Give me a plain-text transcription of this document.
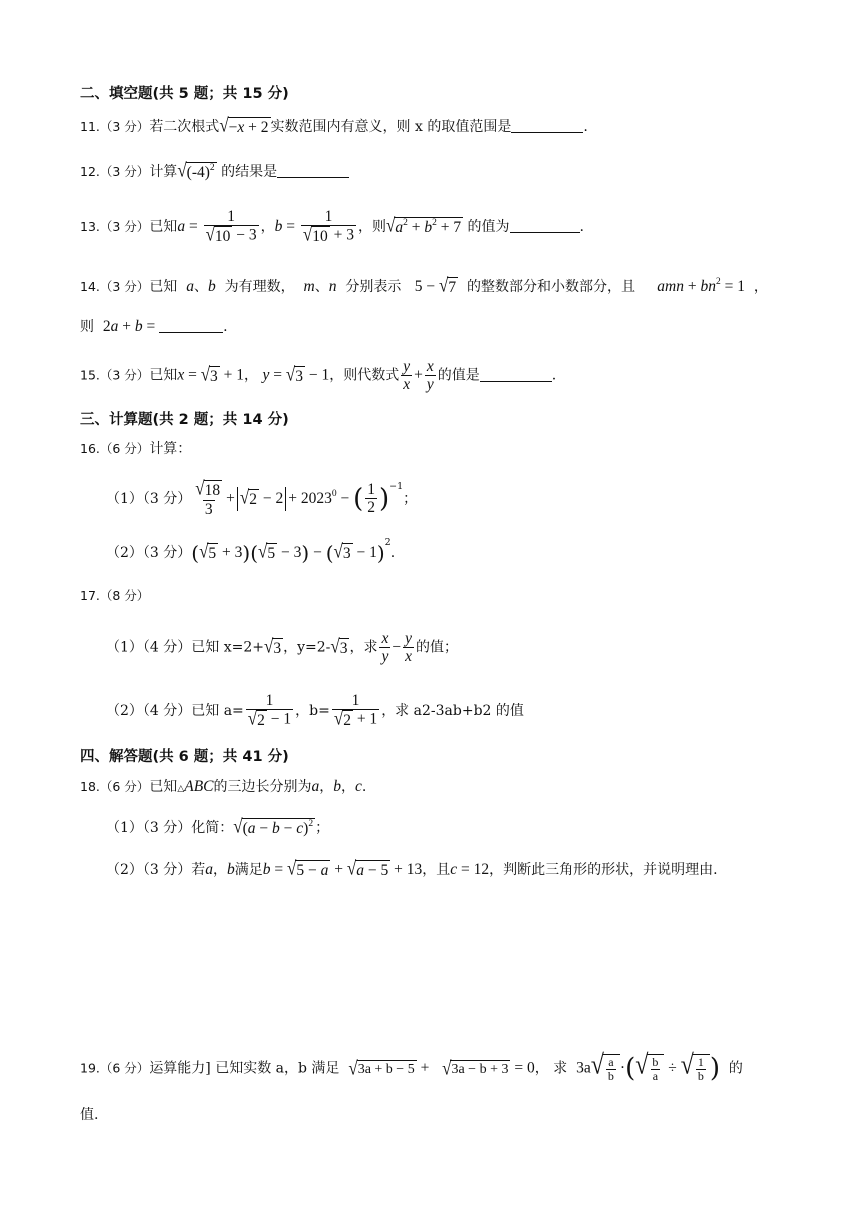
二、填空题(共 5 题；共 15 分)
11.（3 分）若二次根式 √ −x + 2 实数范围内有意义，则 x 的取值范围是	.
12.（3 分）计算 √ $(-4)^2$ 的结果是
13.（3 分）已知$a = \frac{1}{√ 10 - 3}$ ，$b = \frac{1}{√ 10 + 3}$ ，则 √ $a^2 + b^2 + 7$ 的值为	.
14.（3 分）已知 a、b 为有理数， m、n 分别表示 5 − √ 7 的整数部分和小数部分，且 amn + $bn^2 = 1$ ，
则 2a + b =	.
15.（3 分）已知x = √ 3 + 1， y = √ 3 − 1，则代数式 $\frac{y}{x} + \frac{x}{y}$ 的值是	.
三、计算题(共 2 题；共 14 分)
16.（6 分）计算：
（1）（3 分） $\frac{√ 18}{3}$ + √ $2 - 2 + 2023^0$ − ( $\frac{1}{2} )^{-1}$；
（2）（3 分）( √ 5 + 3)( √ 5 − 3) − ( √ 3 − 1)$^2$.
17.（8 分）
（1）（4 分）已知 x=2+ √ 3 ，y=2- √ 3 ，求 $\frac{x}{y} - \frac{y}{x}$ 的值；
（2）（4 分）已知 $a= \frac{1}{√ 2 - 1}$ ，$b= \frac{1}{√ 2 + 1}$ ，求 a2-3ab+b2 的值
四、解答题(共 6 题；共 41 分)
18.（6 分）已知△ABC的三边长分别为a，b，c.
（1）（3 分）化简： √ $(a - b - c)^2$ ；
（2）（3 分）若a，b满足b = √ 5 − a + √ a − 5 + 13，且c = 12，判断此三角形的形状，并说明理由.
19.（6 分）运算能力] 已知实数 a，b 满足 √ 3a + b − 5 + √ 3a − b + 3 = 0， 求 3a √ $\frac{a}{b}$ ·( √ $\frac{b}{a}$ ÷ √ $\frac{1}{b}$ ) 的
值.
